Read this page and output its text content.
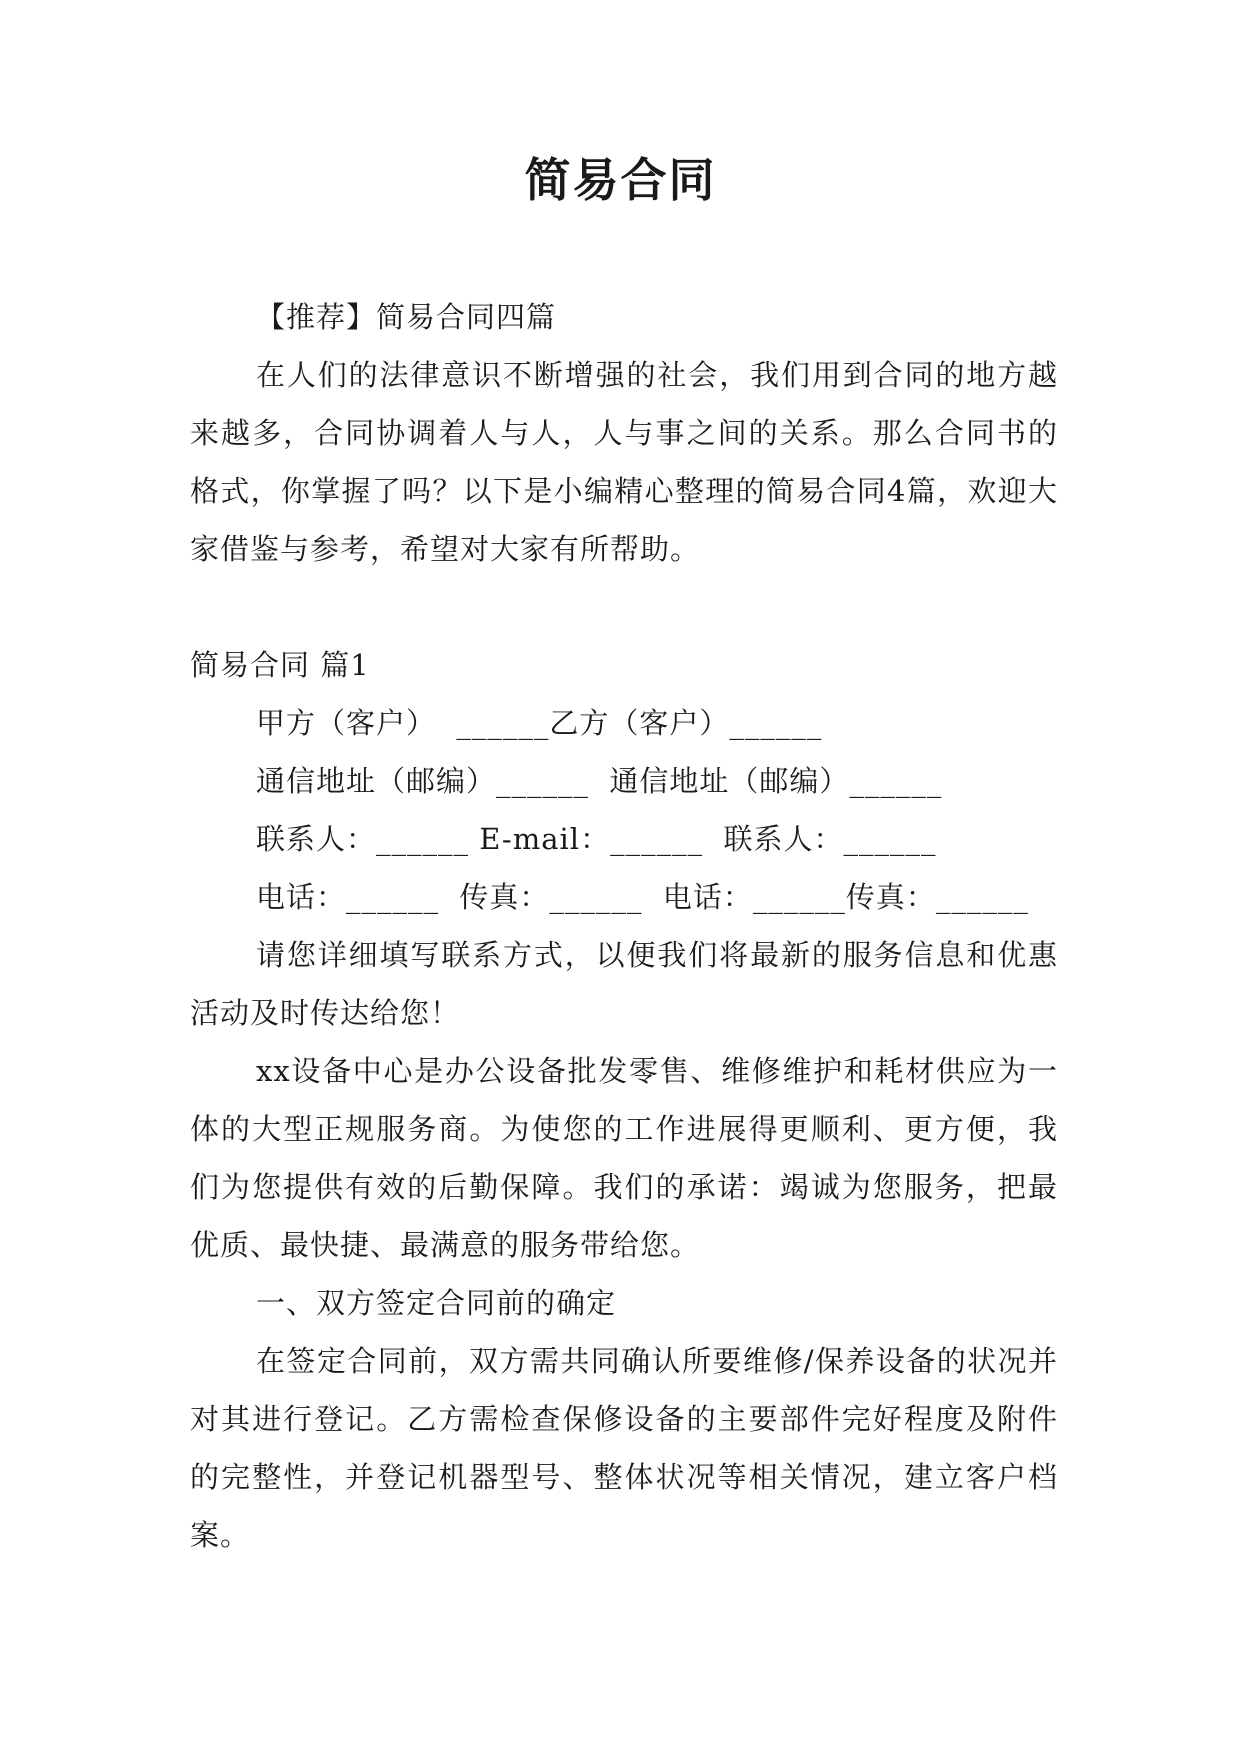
简易合同

【推荐】简易合同四篇

在人们的法律意识不断增强的社会，我们用到合同的地方越来越多，合同协调着人与人，人与事之间的关系。那么合同书的格式，你掌握了吗？以下是小编精心整理的简易合同4篇，欢迎大家借鉴与参考，希望对大家有所帮助。

简易合同 篇1

甲方（客户）  ______乙方（客户）______

通信地址（邮编）______  通信地址（邮编）______

联系人：______ E-mail：______  联系人：______

电话：______  传真：______  电话：______传真：______

请您详细填写联系方式，以便我们将最新的服务信息和优惠活动及时传达给您！

xx设备中心是办公设备批发零售、维修维护和耗材供应为一体的大型正规服务商。为使您的工作进展得更顺利、更方便，我们为您提供有效的后勤保障。我们的承诺：竭诚为您服务，把最优质、最快捷、最满意的服务带给您。

一、双方签定合同前的确定

在签定合同前，双方需共同确认所要维修/保养设备的状况并对其进行登记。乙方需检查保修设备的主要部件完好程度及附件的完整性，并登记机器型号、整体状况等相关情况，建立客户档案。
